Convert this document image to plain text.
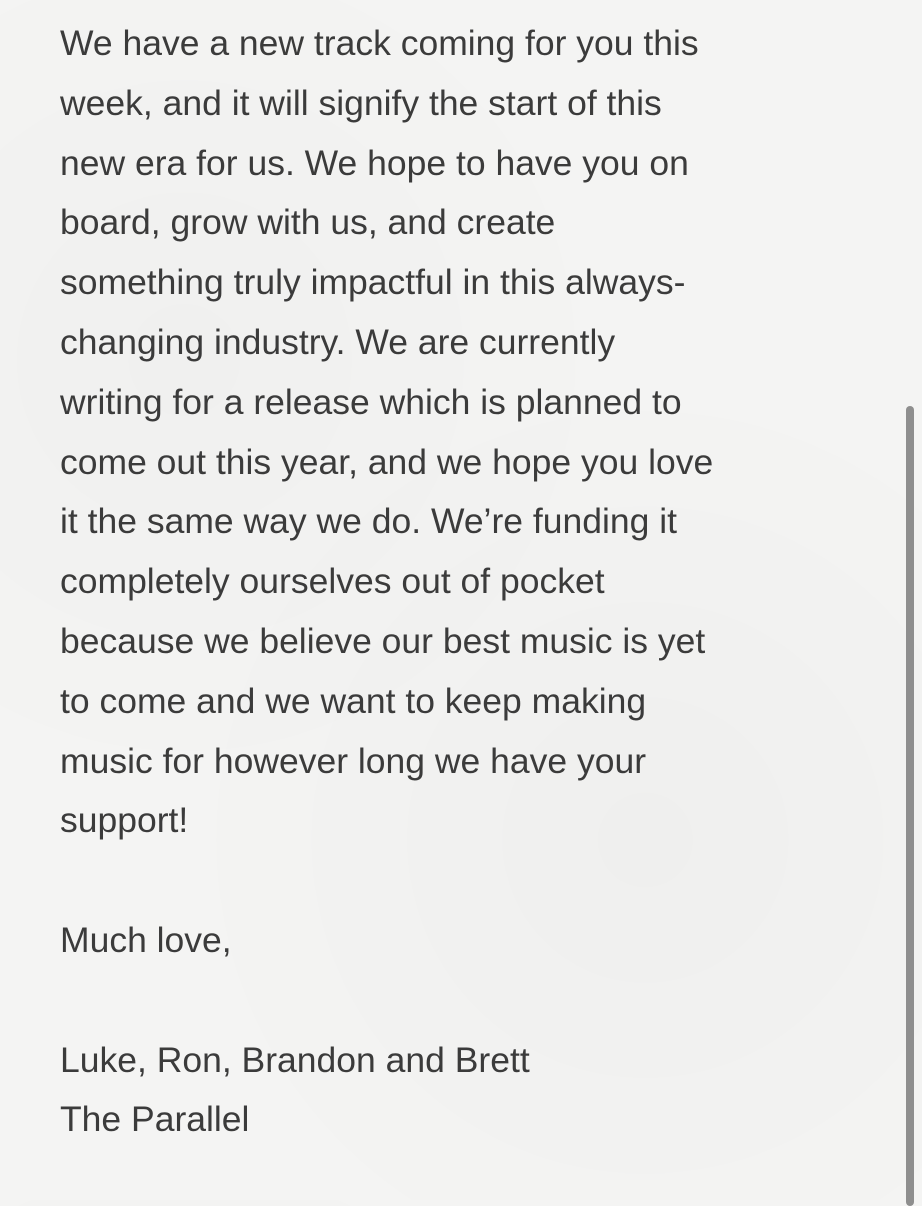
We have a new track coming for you this
week, and it will signify the start of this
new era for us. We hope to have you on
board, grow with us, and create
something truly impactful in this always-
changing industry. We are currently
writing for a release which is planned to
come out this year, and we hope you love
it the same way we do. We’re funding it
completely ourselves out of pocket
because we believe our best music is yet
to come and we want to keep making
music for however long we have your
support!
Much love,
Luke, Ron, Brandon and Brett
The Parallel
